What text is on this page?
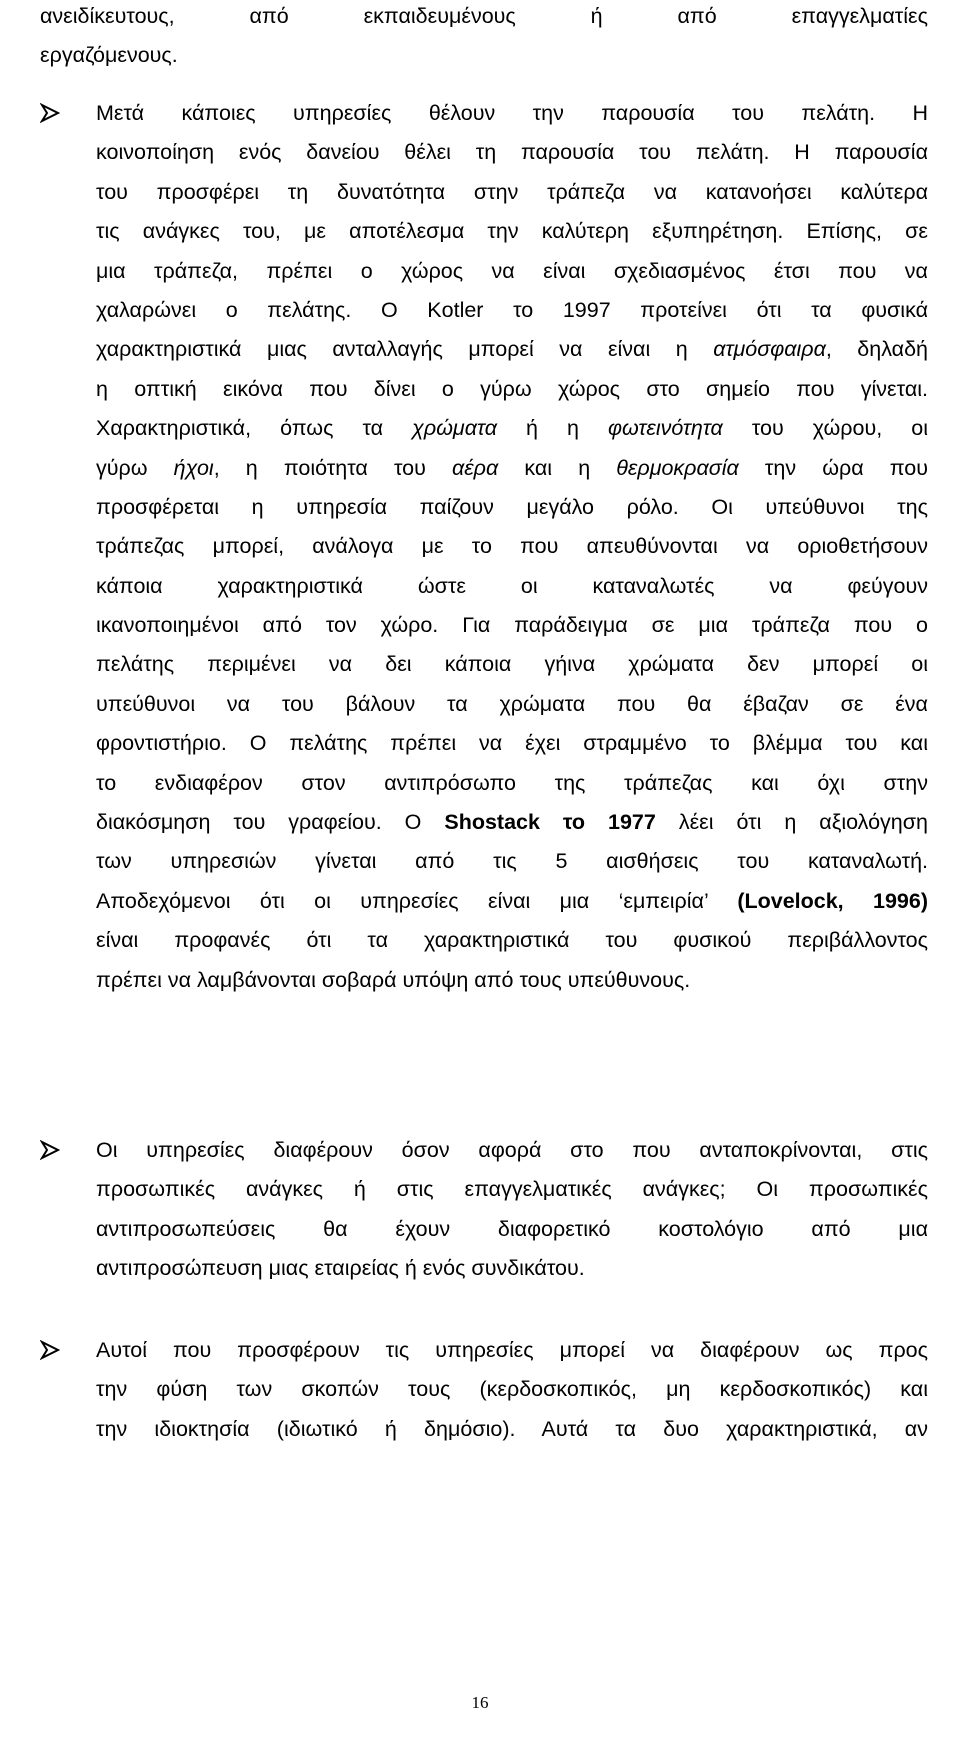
ανειδίκευτους, από εκπαιδευμένους ή από επαγγελματίες
εργαζόμενους.
Μετά κάποιες υπηρεσίες θέλουν την παρουσία του πελάτη. Η
κοινοποίηση ενός δανείου θέλει τη παρουσία του πελάτη. Η παρουσία
του προσφέρει τη δυνατότητα στην τράπεζα να κατανοήσει καλύτερα
τις ανάγκες του, με αποτέλεσμα την καλύτερη εξυπηρέτηση. Επίσης, σε
μια τράπεζα, πρέπει ο χώρος να είναι σχεδιασμένος έτσι που να
χαλαρώνει ο πελάτης. Ο Kotler το 1997 προτείνει ότι τα φυσικά
χαρακτηριστικά μιας ανταλλαγής μπορεί να είναι η ατμόσφαιρα, δηλαδή
η οπτική εικόνα που δίνει ο γύρω χώρος στο σημείο που γίνεται.
Χαρακτηριστικά, όπως τα χρώματα ή η φωτεινότητα του χώρου, οι
γύρω ήχοι, η ποιότητα του αέρα και η θερμοκρασία την ώρα που
προσφέρεται η υπηρεσία παίζουν μεγάλο ρόλο. Οι υπεύθυνοι της
τράπεζας μπορεί, ανάλογα με το που απευθύνονται να οριοθετήσουν
κάποια χαρακτηριστικά ώστε οι καταναλωτές να φεύγουν
ικανοποιημένοι από τον χώρο. Για παράδειγμα σε μια τράπεζα που ο
πελάτης περιμένει να δει κάποια γήινα χρώματα δεν μπορεί οι
υπεύθυνοι να του βάλουν τα χρώματα που θα έβαζαν σε ένα
φροντιστήριο. Ο πελάτης πρέπει να έχει στραμμένο το βλέμμα του και
το ενδιαφέρον στον αντιπρόσωπο της τράπεζας και όχι στην
διακόσμηση του γραφείου. Ο Shostack το 1977 λέει ότι η αξιολόγηση
των υπηρεσιών γίνεται από τις 5 αισθήσεις του καταναλωτή.
Αποδεχόμενοι ότι οι υπηρεσίες είναι μια ‘εμπειρία’ (Lovelock, 1996)
είναι προφανές ότι τα χαρακτηριστικά του φυσικού περιβάλλοντος
πρέπει να λαμβάνονται σοβαρά υπόψη από τους υπεύθυνους.
Οι υπηρεσίες διαφέρουν όσον αφορά στο που ανταποκρίνονται, στις
προσωπικές ανάγκες ή στις επαγγελματικές ανάγκες; Οι προσωπικές
αντιπροσωπεύσεις θα έχουν διαφορετικό κοστολόγιο από μια
αντιπροσώπευση μιας εταιρείας ή ενός συνδικάτου.
Αυτοί που προσφέρουν τις υπηρεσίες μπορεί να διαφέρουν ως προς
την φύση των σκοπών τους (κερδοσκοπικός, μη κερδοσκοπικός) και
την ιδιοκτησία (ιδιωτικό ή δημόσιο). Αυτά τα δυο χαρακτηριστικά, αν
16
